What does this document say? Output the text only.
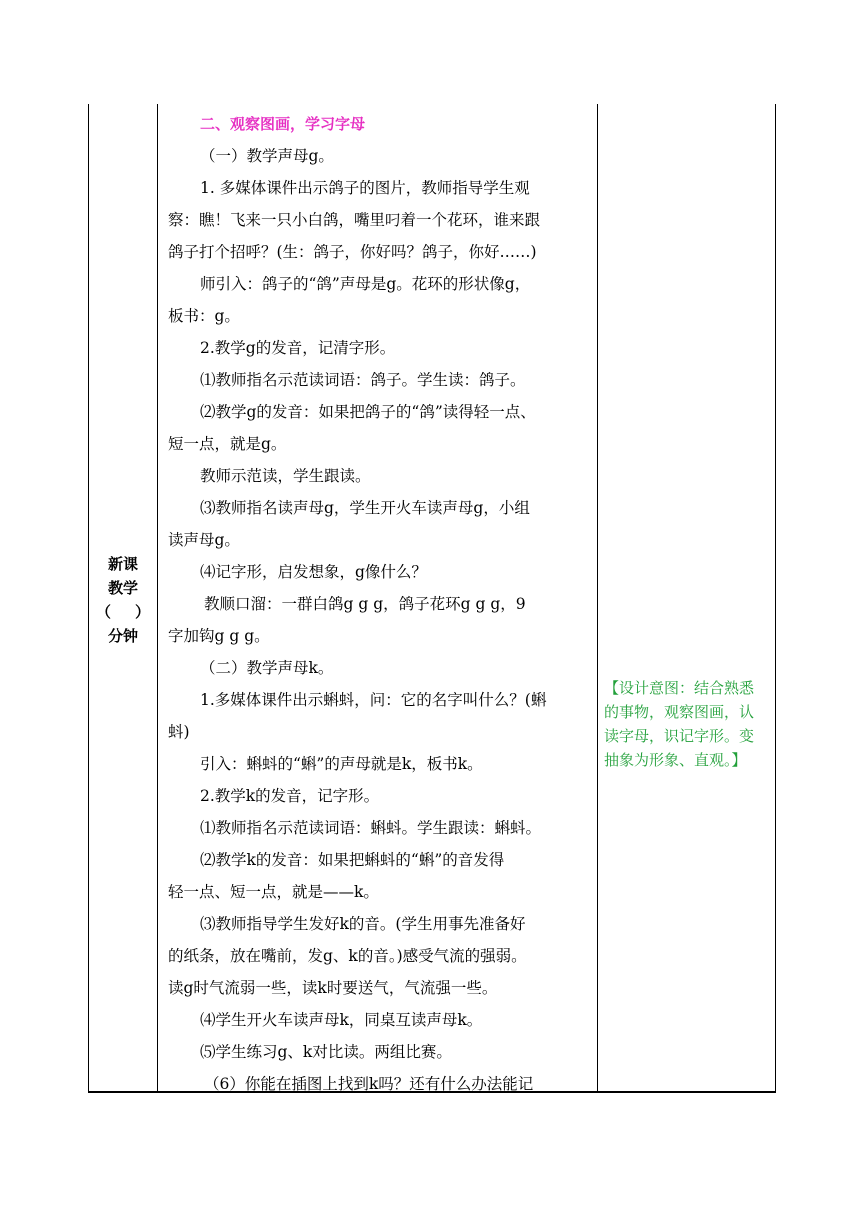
新课
教学
（ ）
分钟
二、观察图画，学习字母
（一）教学声母g。
1. 多媒体课件出示鸽子的图片，教师指导学生观
察：瞧！飞来一只小白鸽，嘴里叼着一个花环，谁来跟
鸽子打个招呼？(生：鸽子，你好吗？鸽子，你好……)
师引入：鸽子的“鸽”声母是g。花环的形状像g，
板书：g。
2.教学g的发音，记清字形。
⑴教师指名示范读词语：鸽子。学生读：鸽子。
⑵教学g的发音：如果把鸽子的“鸽”读得轻一点、
短一点，就是g。
教师示范读，学生跟读。
⑶教师指名读声母g，学生开火车读声母g，小组
读声母g。
⑷记字形，启发想象，g像什么？
教顺口溜：一群白鸽g g g，鸽子花环g g g，9
字加钩g g g。
（二）教学声母k。
1.多媒体课件出示蝌蚪，问：它的名字叫什么？(蝌
蚪)
引入：蝌蚪的“蝌”的声母就是k，板书k。
2.教学k的发音，记字形。
⑴教师指名示范读词语：蝌蚪。学生跟读：蝌蚪。
⑵教学k的发音：如果把蝌蚪的“蝌”的音发得
轻一点、短一点，就是——k。
⑶教师指导学生发好k的音。(学生用事先准备好
的纸条，放在嘴前，发g、k的音。)感受气流的强弱。
读g时气流弱一些，读k时要送气，气流强一些。
⑷学生开火车读声母k，同桌互读声母k。
⑸学生练习g、k对比读。两组比赛。
（6）你能在插图上找到k吗？还有什么办法能记
【设计意图：结合熟悉
的事物，观察图画，认
读字母，识记字形。变
抽象为形象、直观。】
